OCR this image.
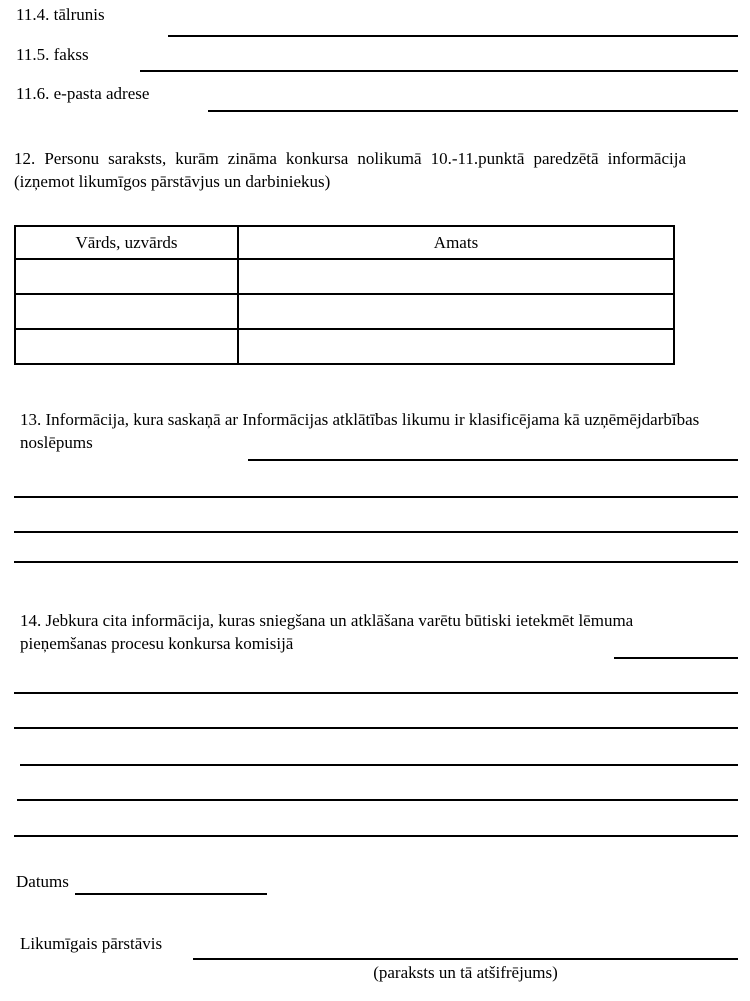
11.4. tālrunis
11.5. fakss
11.6. e-pasta adrese
12. Personu saraksts, kurām zināma konkursa nolikumā 10.-11.punktā paredzētā informācija (izņemot likumīgos pārstāvjus un darbiniekus)
Vārds, uzvārds	Amats

13. Informācija, kura saskaņā ar Informācijas atklātības likumu ir klasificējama kā uzņēmējdarbības noslēpums
14. Jebkura cita informācija, kuras sniegšana un atklāšana varētu būtiski ietekmēt lēmuma pieņemšanas procesu konkursa komisijā
Datums
Likumīgais pārstāvis
(paraksts un tā atšifrējums)
